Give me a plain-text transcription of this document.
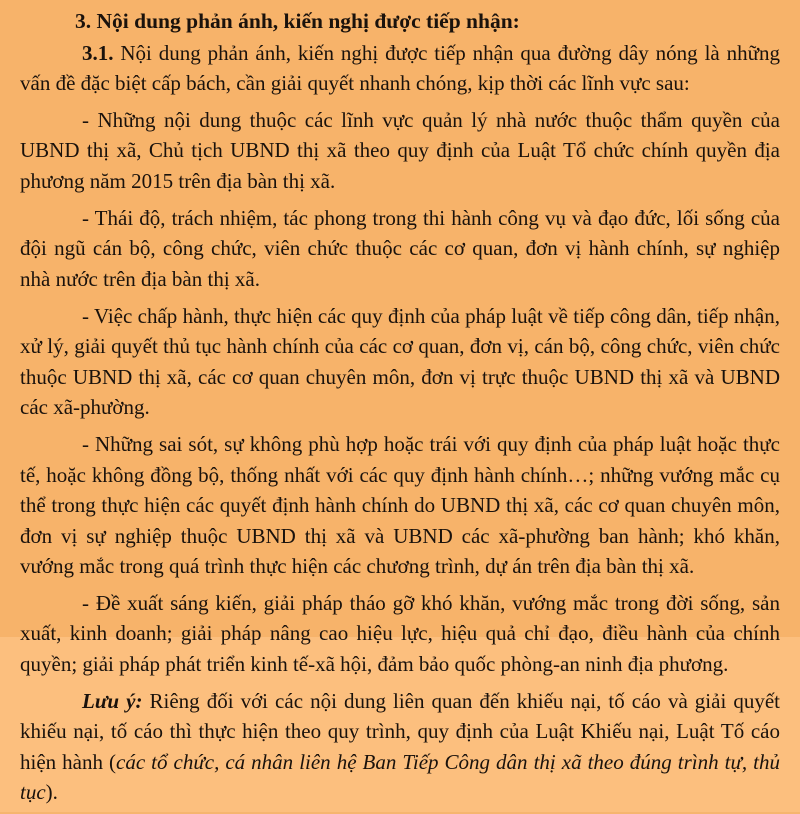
3. Nội dung phản ánh, kiến nghị được tiếp nhận:

3.1. Nội dung phản ánh, kiến nghị được tiếp nhận qua đường dây nóng là những vấn đề đặc biệt cấp bách, cần giải quyết nhanh chóng, kịp thời các lĩnh vực sau:

- Những nội dung thuộc các lĩnh vực quản lý nhà nước thuộc thẩm quyền của UBND thị xã, Chủ tịch UBND thị xã theo quy định của Luật Tổ chức chính quyền địa phương năm 2015 trên địa bàn thị xã.

- Thái độ, trách nhiệm, tác phong trong thi hành công vụ và đạo đức, lối sống của đội ngũ cán bộ, công chức, viên chức thuộc các cơ quan, đơn vị hành chính, sự nghiệp nhà nước trên địa bàn thị xã.

- Việc chấp hành, thực hiện các quy định của pháp luật về tiếp công dân, tiếp nhận, xử lý, giải quyết thủ tục hành chính của các cơ quan, đơn vị, cán bộ, công chức, viên chức thuộc UBND thị xã, các cơ quan chuyên môn, đơn vị trực thuộc UBND thị xã và UBND các xã-phường.

- Những sai sót, sự không phù hợp hoặc trái với quy định của pháp luật hoặc thực tế, hoặc không đồng bộ, thống nhất với các quy định hành chính…; những vướng mắc cụ thể trong thực hiện các quyết định hành chính do UBND thị xã, các cơ quan chuyên môn, đơn vị sự nghiệp thuộc UBND thị xã và UBND các xã-phường ban hành; khó khăn, vướng mắc trong quá trình thực hiện các chương trình, dự án trên địa bàn thị xã.

- Đề xuất sáng kiến, giải pháp tháo gỡ khó khăn, vướng mắc trong đời sống, sản xuất, kinh doanh; giải pháp nâng cao hiệu lực, hiệu quả chỉ đạo, điều hành của chính quyền; giải pháp phát triển kinh tế-xã hội, đảm bảo quốc phòng-an ninh địa phương.

Lưu ý: Riêng đối với các nội dung liên quan đến khiếu nại, tố cáo và giải quyết khiếu nại, tố cáo thì thực hiện theo quy trình, quy định của Luật Khiếu nại, Luật Tố cáo hiện hành (các tổ chức, cá nhân liên hệ Ban Tiếp Công dân thị xã theo đúng trình tự, thủ tục).
